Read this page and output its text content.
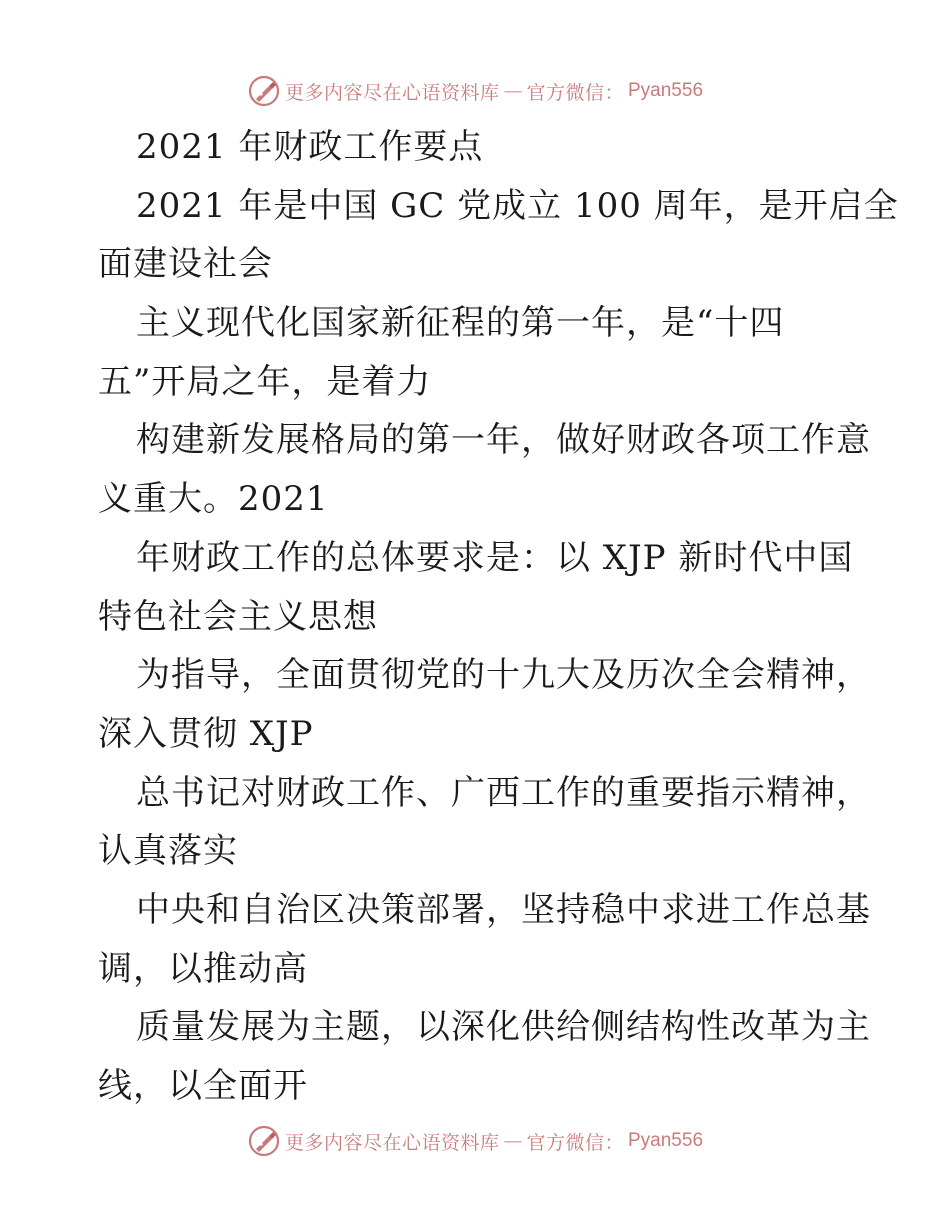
更多内容尽在心语资料库 — 官方微信： Pyan556
2021 年财政工作要点
2021 年是中国 GC 党成立 100 周年，是开启全
面建设社会
主义现代化国家新征程的第一年，是“十四
五”开局之年，是着力
构建新发展格局的第一年，做好财政各项工作意
义重大。2021
年财政工作的总体要求是：以 XJP 新时代中国
特色社会主义思想
为指导，全面贯彻党的十九大及历次全会精神，
深入贯彻 XJP
总书记对财政工作、广西工作的重要指示精神，
认真落实
中央和自治区决策部署，坚持稳中求进工作总基
调，以推动高
质量发展为主题，以深化供给侧结构性改革为主
线，以全面开
更多内容尽在心语资料库 — 官方微信： Pyan556
